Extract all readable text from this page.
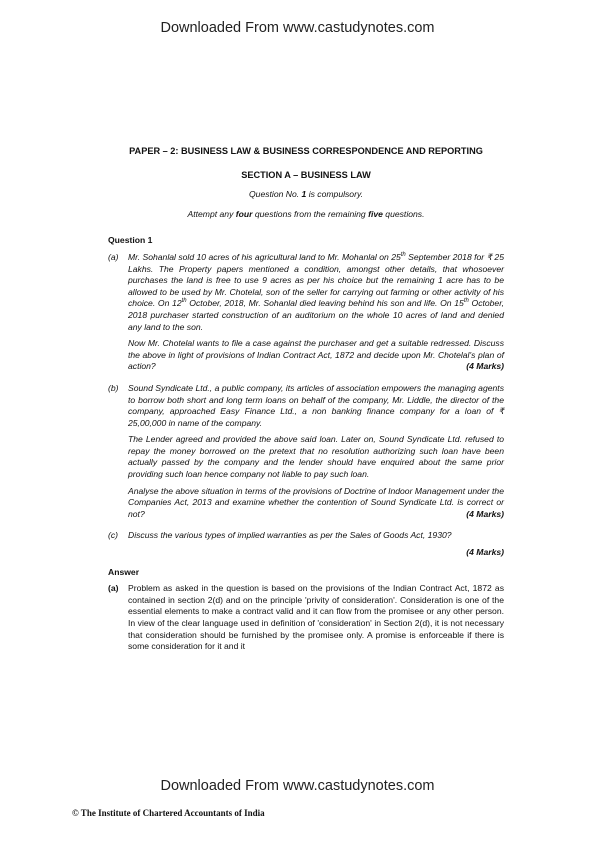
Downloaded From www.castudynotes.com
PAPER – 2: BUSINESS LAW & BUSINESS CORRESPONDENCE AND REPORTING
SECTION A – BUSINESS LAW
Question No. 1 is compulsory.
Attempt any four questions from the remaining five questions.
Question 1
(a)	Mr. Sohanlal sold 10 acres of his agricultural land to Mr. Mohanlal on 25th September 2018 for ₹ 25 Lakhs. The Property papers mentioned a condition, amongst other details, that whosoever purchases the land is free to use 9 acres as per his choice but the remaining 1 acre has to be allowed to be used by Mr. Chotelal, son of the seller for carrying out farming or other activity of his choice. On 12th October, 2018, Mr. Sohanlal died leaving behind his son and life. On 15th October, 2018 purchaser started construction of an auditorium on the whole 10 acres of land and denied any land to the son.

Now Mr. Chotelal wants to file a case against the purchaser and get a suitable redressed. Discuss the above in light of provisions of Indian Contract Act, 1872 and decide upon Mr. Chotelal's plan of action?	(4 Marks)

(b)	Sound Syndicate Ltd., a public company, its articles of association empowers the managing agents to borrow both short and long term loans on behalf of the company, Mr. Liddle, the director of the company, approached Easy Finance Ltd., a non banking finance company for a loan of ₹ 25,00,000 in name of the company.

The Lender agreed and provided the above said loan. Later on, Sound Syndicate Ltd. refused to repay the money borrowed on the pretext that no resolution authorizing such loan have been actually passed by the company and the lender should have enquired about the same prior providing such loan hence company not liable to pay such loan.

Analyse the above situation in terms of the provisions of Doctrine of Indoor Management under the Companies Act, 2013 and examine whether the contention of Sound Syndicate Ltd. is correct or not?	(4 Marks)

(c)	Discuss the various types of implied warranties as per the Sales of Goods Act, 1930?

(4 Marks)
Answer
(a)	Problem as asked in the question is based on the provisions of the Indian Contract Act, 1872 as contained in section 2(d) and on the principle 'privity of consideration'. Consideration is one of the essential elements to make a contract valid and it can flow from the promisee or any other person. In view of the clear language used in definition of 'consideration' in Section 2(d), it is not necessary that consideration should be furnished by the promisee only. A promise is enforceable if there is some consideration for it and it

Downloaded From www.castudynotes.com
© The Institute of Chartered Accountants of India
